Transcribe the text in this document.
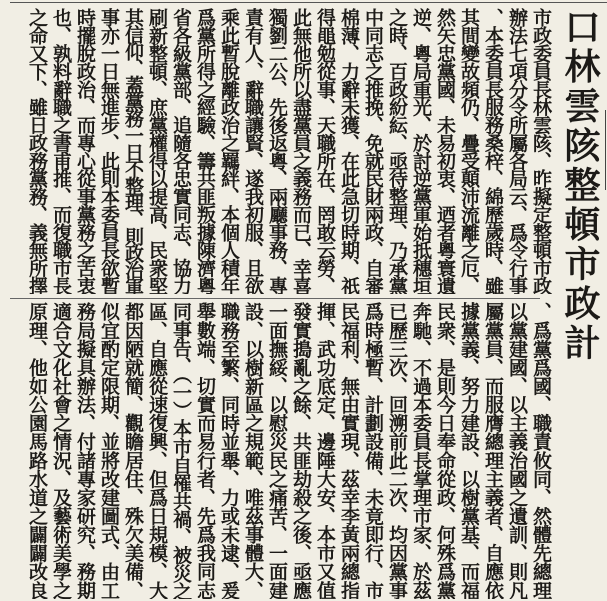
口林雲陔整頓市政計
市政委員長林雲陔、昨擬定整頓市政
辦法七項分令所屬各局云、爲令行事
、本委員長服務桑梓、綿歷歲時、雖
其間變故頻仍、疊受顛沛流離之厄、
然矢忠黨國、未易初衷、迺者粵寰遺
逆、粵局重光、於討逆黨軍始抵穗垣
之時、百政紛紜、亟待整理、乃承黨
中同志之推挽、免就民財兩政、自審
棉薄、力辭未獲、在此急切時期、祇
得黽勉從事、天職所在、罔敢云勞、
此無他所以盡黨員之義務而已、幸喜
獨劉二公、先後返粵、兩廳事務、專
責有人、辭職讓賢、遂我初服、且欲
乘此暫脫離政治之羈絆、本個人積年
爲黨所得之經驗、籌共匪叛據陳濟粵
省各級黨部、追隨各忠實同志、協力
刷新整頓、庶黨權得以提高、民衆堅
其信仰、蓋黨務一日不整理、則政治軍
事亦一日無進步、此則本委員長欲暫
時擺脫政治、而專心從事黨務之苦衷
也、孰料辭職之書甫推、而復職市長
之命又下、雖日政務黨務、義無所擇
、爲黨爲國、職責攸同、然體先總理
以黨建國、以主義治國之遺訓、則凡
屬黨員、而服膺總理主義者、自應依
據黨義、努力建設、以樹黨基、而福
民衆、是則今日奉命從政、何殊爲黨
奔馳、不過本委員長掌理市家、於茲
已歷三次、回溯前此二次、均因黨事
爲時極暫、計劃設備、未竟即行、市
民福利、無由實現、茲幸李黃兩總指
揮、武功底定、邊陲大安、本市又值
發實搗亂之餘、共匪劫殺之後、亟應
一面撫綏、以慰災民之痛苦、一面建
設、以樹新區之規範、唯茲事體大、
職務至繁、同時並舉、力或未逮、爰
舉數端、切實而易行者、先爲我同志
同事告、（一）本市自罹共禍、被災之
區、自應從速復興、但爲日規模、大
都因陋就簡、觀瞻居住、殊欠美備、
似宜酌定限期、並將改建圖式、由工
務局擬具辦法、付諸專家研究、務期
適合文化社會之情況、及藝術美學之
原理、他如公園馬路水道之闢闢改良
